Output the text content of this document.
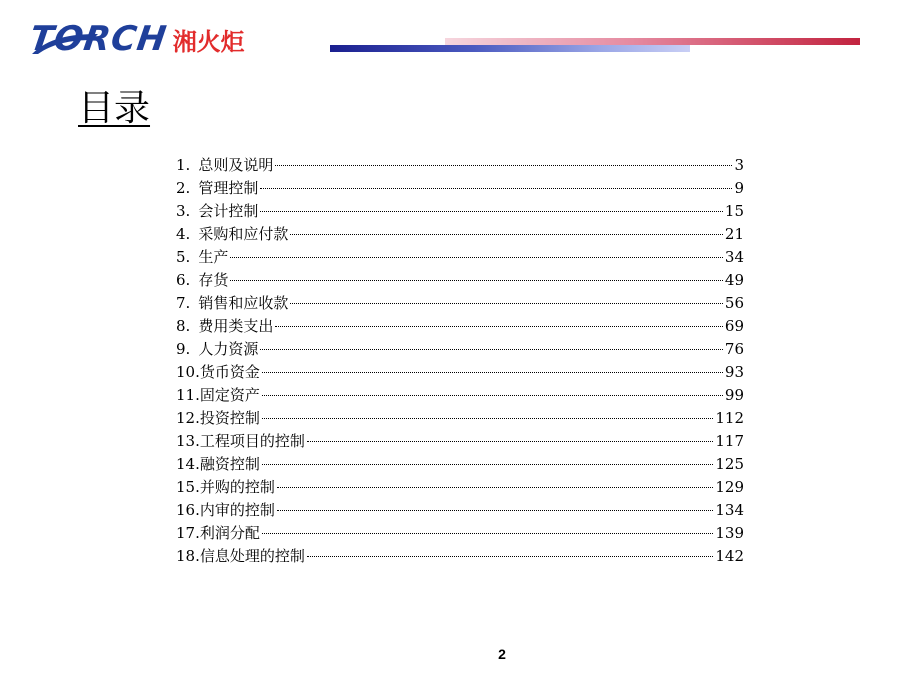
TORCH 湘火炬
目录
1. 总则及说明	3
2. 管理控制	9
3. 会计控制	15
4. 采购和应付款	21
5. 生产	34
6. 存货	49
7. 销售和应收款	56
8. 费用类支出	69
9. 人力资源	76
10. 货币资金	93
11. 固定资产	99
12. 投资控制	112
13. 工程项目的控制	117
14. 融资控制	125
15. 并购的控制	129
16. 内审的控制	134
17. 利润分配	139
18. 信息处理的控制	142
2
